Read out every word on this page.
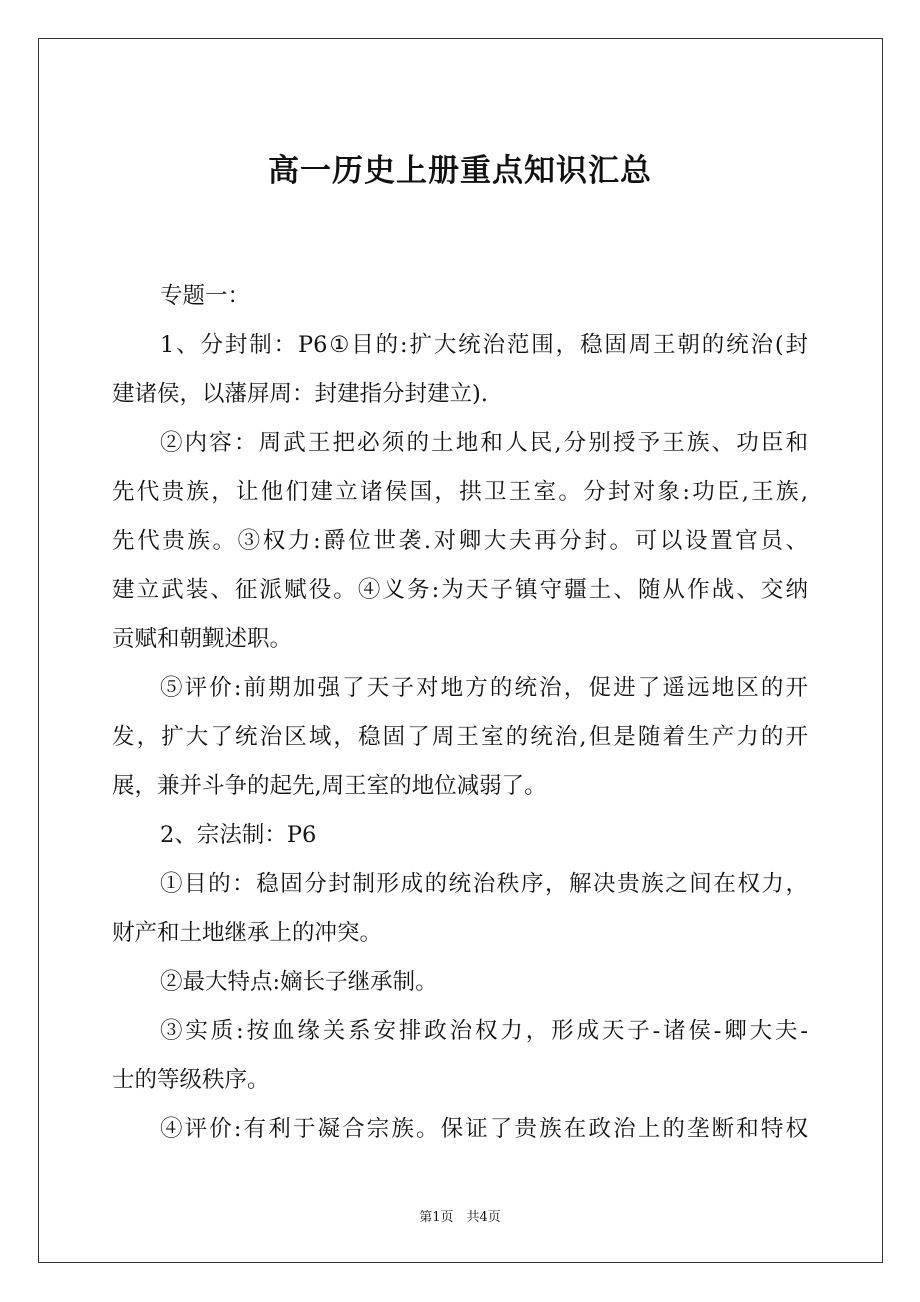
高一历史上册重点知识汇总
专题一：
1、分封制：P6①目的:扩大统治范围，稳固周王朝的统治(封
建诸侯，以藩屏周：封建指分封建立).
②内容：周武王把必须的土地和人民,分别授予王族、功臣和
先代贵族，让他们建立诸侯国，拱卫王室。分封对象:功臣,王族,
先代贵族。③权力:爵位世袭.对卿大夫再分封。可以设置官员、
建立武装、征派赋役。④义务:为天子镇守疆土、随从作战、交纳
贡赋和朝觐述职。
⑤评价:前期加强了天子对地方的统治，促进了遥远地区的开
发，扩大了统治区域，稳固了周王室的统治,但是随着生产力的开
展，兼并斗争的起先,周王室的地位减弱了。
2、宗法制：P6
①目的：稳固分封制形成的统治秩序，解决贵族之间在权力，
财产和土地继承上的冲突。
②最大特点:嫡长子继承制。
③实质:按血缘关系安排政治权力，形成天子-诸侯-卿大夫-
士的等级秩序。
④评价:有利于凝合宗族。保证了贵族在政治上的垄断和特权
第1页　共4页
